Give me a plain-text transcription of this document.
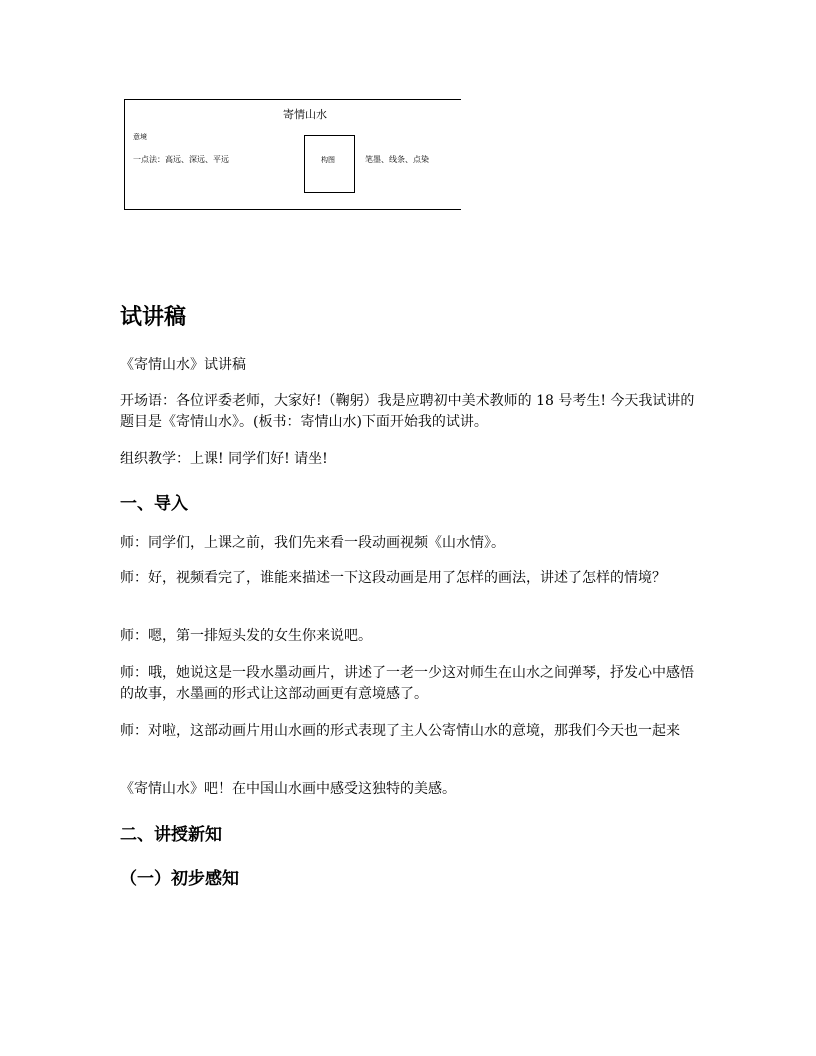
寄情山水
意境
一点法：高远、深远、平远	构图	笔墨、线条、点染
试讲稿

《寄情山水》试讲稿

开场语：各位评委老师，大家好!（鞠躬）我是应聘初中美术教师的 18 号考生! 今天我试讲的题目是《寄情山水》。(板书：寄情山水)下面开始我的试讲。

组织教学：上课! 同学们好! 请坐!

一、导入

师：同学们，上课之前，我们先来看一段动画视频《山水情》。

师：好，视频看完了，谁能来描述一下这段动画是用了怎样的画法，讲述了怎样的情境？

师：嗯，第一排短头发的女生你来说吧。

师：哦，她说这是一段水墨动画片，讲述了一老一少这对师生在山水之间弹琴，抒发心中感悟的故事，水墨画的形式让这部动画更有意境感了。

师：对啦，这部动画片用山水画的形式表现了主人公寄情山水的意境，那我们今天也一起来

《寄情山水》吧！在中国山水画中感受这独特的美感。

二、讲授新知
（一）初步感知
